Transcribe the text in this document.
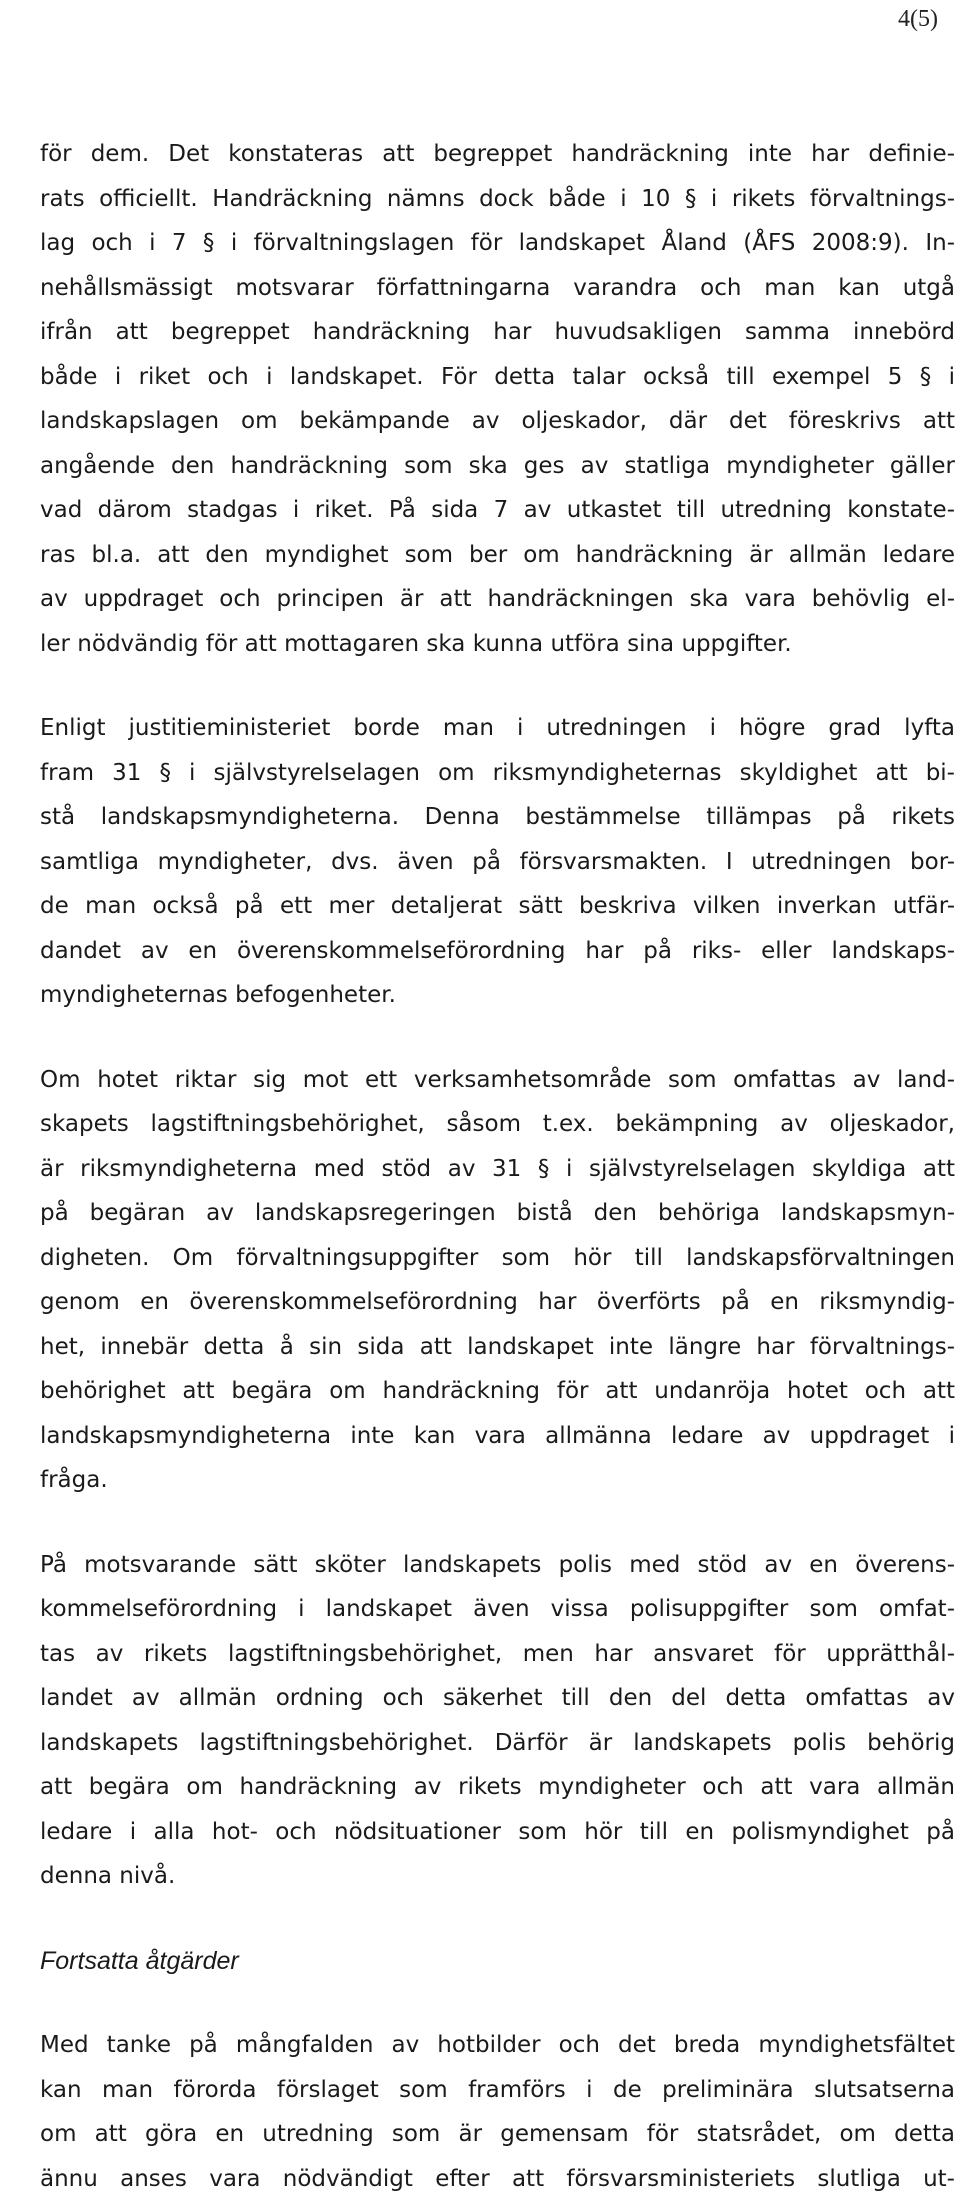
4(5)

för dem. Det konstateras att begreppet handräckning inte har definie-
rats officiellt. Handräckning nämns dock både i 10 § i rikets förvaltnings-
lag och i 7 § i förvaltningslagen för landskapet Åland (ÅFS 2008:9). In-
nehållsmässigt motsvarar författningarna varandra och man kan utgå
ifrån att begreppet handräckning har huvudsakligen samma innebörd
både i riket och i landskapet. För detta talar också till exempel 5 § i
landskapslagen om bekämpande av oljeskador, där det föreskrivs att
angående den handräckning som ska ges av statliga myndigheter gäller
vad därom stadgas i riket. På sida 7 av utkastet till utredning konstate-
ras bl.a. att den myndighet som ber om handräckning är allmän ledare
av uppdraget och principen är att handräckningen ska vara behövlig el-
ler nödvändig för att mottagaren ska kunna utföra sina uppgifter.

Enligt justitieministeriet borde man i utredningen i högre grad lyfta
fram 31 § i självstyrelselagen om riksmyndigheternas skyldighet att bi-
stå landskapsmyndigheterna. Denna bestämmelse tillämpas på rikets
samtliga myndigheter, dvs. även på försvarsmakten. I utredningen bor-
de man också på ett mer detaljerat sätt beskriva vilken inverkan utfär-
dandet av en överenskommelseförordning har på riks- eller landskaps-
myndigheternas befogenheter.

Om hotet riktar sig mot ett verksamhetsområde som omfattas av land-
skapets lagstiftningsbehörighet, såsom t.ex. bekämpning av oljeskador,
är riksmyndigheterna med stöd av 31 § i självstyrelselagen skyldiga att
på begäran av landskapsregeringen bistå den behöriga landskapsmyn-
digheten. Om förvaltningsuppgifter som hör till landskapsförvaltningen
genom en överenskommelseförordning har överförts på en riksmyndig-
het, innebär detta å sin sida att landskapet inte längre har förvaltnings-
behörighet att begära om handräckning för att undanröja hotet och att
landskapsmyndigheterna inte kan vara allmänna ledare av uppdraget i
fråga.

På motsvarande sätt sköter landskapets polis med stöd av en överens-
kommelseförordning i landskapet även vissa polisuppgifter som omfat-
tas av rikets lagstiftningsbehörighet, men har ansvaret för upprätthål-
landet av allmän ordning och säkerhet till den del detta omfattas av
landskapets lagstiftningsbehörighet. Därför är landskapets polis behörig
att begära om handräckning av rikets myndigheter och att vara allmän
ledare i alla hot- och nödsituationer som hör till en polismyndighet på
denna nivå.

Fortsatta åtgärder

Med tanke på mångfalden av hotbilder och det breda myndighetsfältet
kan man förorda förslaget som framförs i de preliminära slutsatserna
om att göra en utredning som är gemensam för statsrådet, om detta
ännu anses vara nödvändigt efter att försvarsministeriets slutliga ut-
